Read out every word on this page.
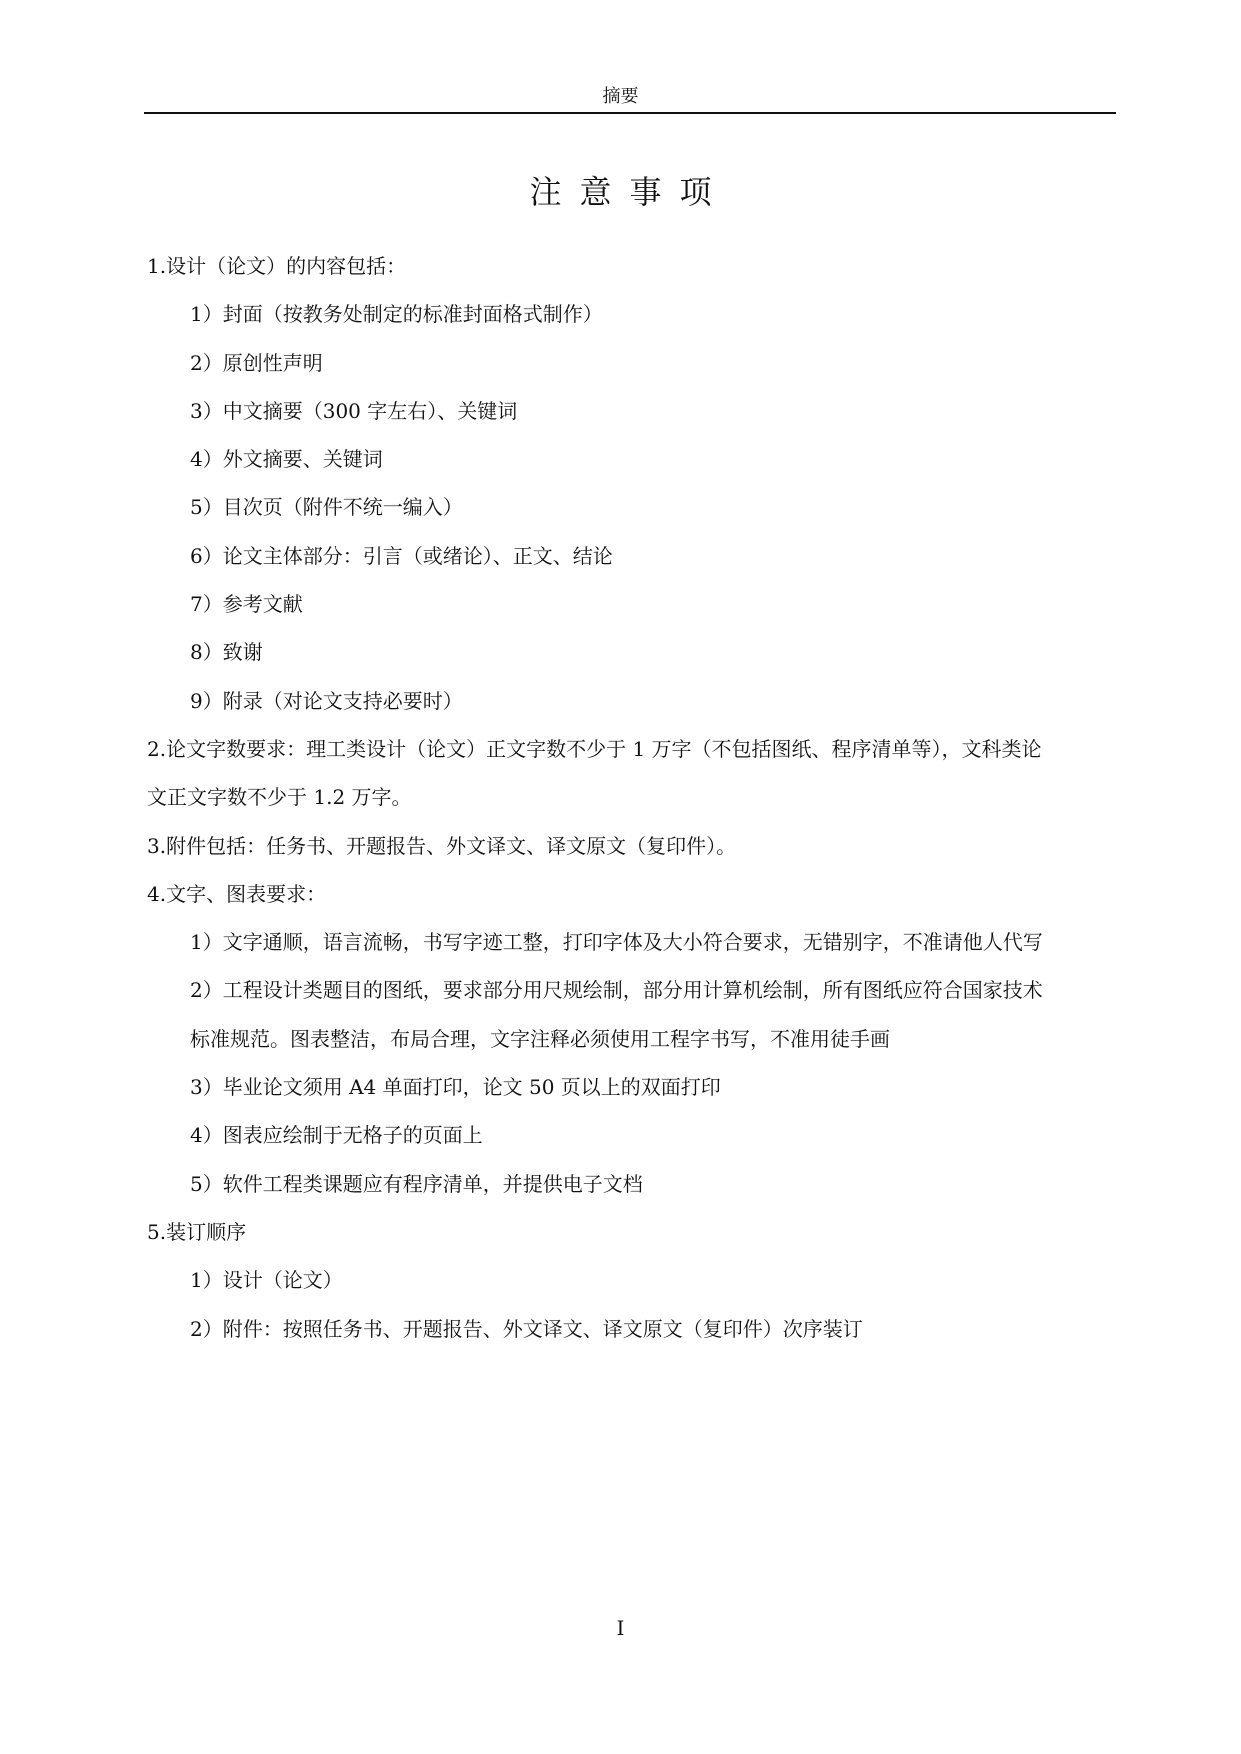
摘要
注意事项
1.设计（论文）的内容包括：
1）封面（按教务处制定的标准封面格式制作）
2）原创性声明
3）中文摘要（300 字左右）、关键词
4）外文摘要、关键词
5）目次页（附件不统一编入）
6）论文主体部分：引言（或绪论）、正文、结论
7）参考文献
8）致谢
9）附录（对论文支持必要时）
2.论文字数要求：理工类设计（论文）正文字数不少于 1 万字（不包括图纸、程序清单等），文科类论
文正文字数不少于 1.2 万字。
3.附件包括：任务书、开题报告、外文译文、译文原文（复印件）。
4.文字、图表要求：
1）文字通顺，语言流畅，书写字迹工整，打印字体及大小符合要求，无错别字，不准请他人代写
2）工程设计类题目的图纸，要求部分用尺规绘制，部分用计算机绘制，所有图纸应符合国家技术
标准规范。图表整洁，布局合理，文字注释必须使用工程字书写，不准用徒手画
3）毕业论文须用 A4 单面打印，论文 50 页以上的双面打印
4）图表应绘制于无格子的页面上
5）软件工程类课题应有程序清单，并提供电子文档
5.装订顺序
1）设计（论文）
2）附件：按照任务书、开题报告、外文译文、译文原文（复印件）次序装订
I
